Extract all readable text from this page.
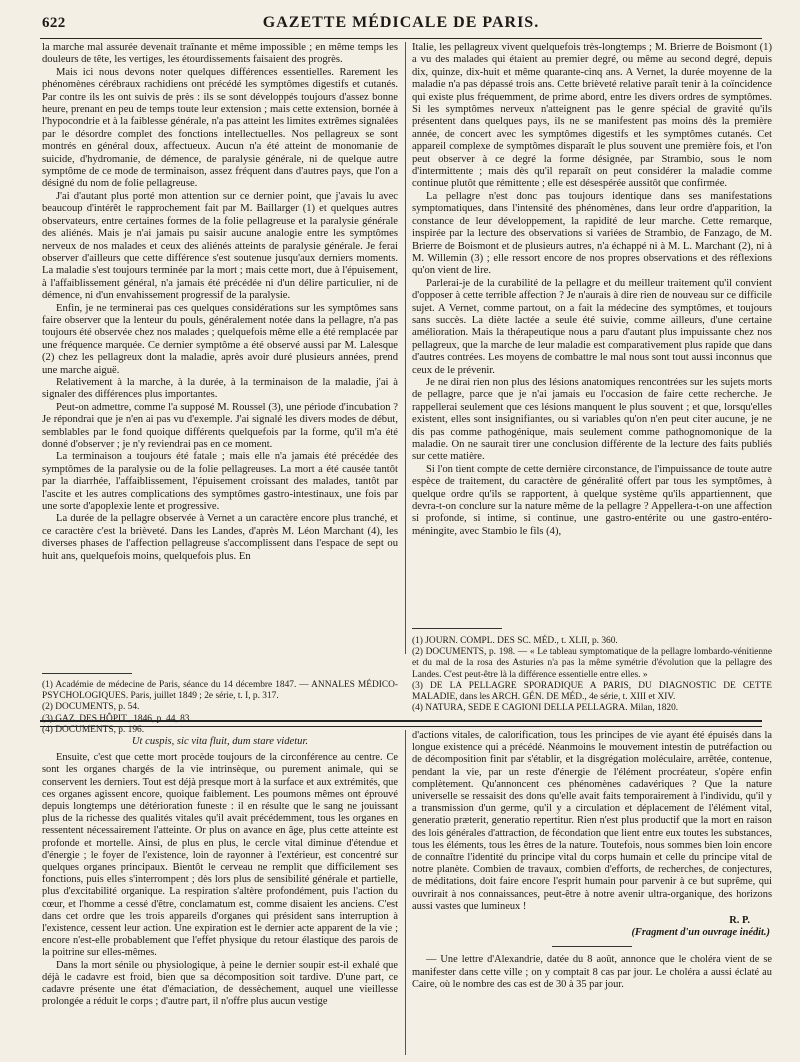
622	GAZETTE MÉDICALE DE PARIS.

la marche mal assurée devenait traînante et même impossible ; en même temps les douleurs de tête, les vertiges, les étourdissements faisaient des progrès.

Mais ici nous devons noter quelques différences essentielles. Rarement les phénomènes cérébraux rachidiens ont précédé les symptômes digestifs et cutanés. Par contre ils les ont suivis de près : ils se sont développés toujours d'assez bonne heure, prenant en peu de temps toute leur extension ; mais cette extension, bornée à l'hypocondrie et à la faiblesse générale, n'a pas atteint les limites extrêmes signalées par le désordre complet des fonctions intellectuelles. Nos pellagreux se sont montrés en général doux, affectueux. Aucun n'a été atteint de monomanie de suicide, d'hydromanie, de démence, de paralysie générale, ni de quelque autre symptôme de ce mode de terminaison, assez fréquent dans d'autres pays, que l'on a désigné du nom de folie pellagreuse.

J'ai d'autant plus porté mon attention sur ce dernier point, que j'avais lu avec beaucoup d'intérêt le rapprochement fait par M. Baillarger (1) et quelques autres observateurs, entre certaines formes de la folie pellagreuse et la paralysie générale des aliénés. Mais je n'ai jamais pu saisir aucune analogie entre les symptômes nerveux de nos malades et ceux des aliénés atteints de paralysie générale. Je ferai observer d'ailleurs que cette différence s'est soutenue jusqu'aux derniers moments. La maladie s'est toujours terminée par la mort ; mais cette mort, due à l'épuisement, à l'affaiblissement général, n'a jamais été précédée ni d'un délire particulier, ni de démence, ni d'un envahissement progressif de la paralysie.

Enfin, je ne terminerai pas ces quelques considérations sur les symptômes sans faire observer que la lenteur du pouls, généralement notée dans la pellagre, n'a pas toujours été observée chez nos malades ; quelquefois même elle a été remplacée par une fréquence marquée. Ce dernier symptôme a été observé aussi par M. Lalesque (2) chez les pellagreux dont la maladie, après avoir duré plusieurs années, prend une marche aiguë.

Relativement à la marche, à la durée, à la terminaison de la maladie, j'ai à signaler des différences plus importantes.

Peut-on admettre, comme l'a supposé M. Roussel (3), une période d'incubation ? Je répondrai que je n'en ai pas vu d'exemple. J'ai signalé les divers modes de début, semblables par le fond quoique différents quelquefois par la forme, qu'il m'a été donné d'observer ; je n'y reviendrai pas en ce moment.

La terminaison a toujours été fatale ; mais elle n'a jamais été précédée des symptômes de la paralysie ou de la folie pellagreuses. La mort a été causée tantôt par la diarrhée, l'affaiblissement, l'épuisement croissant des malades, tantôt par l'ascite et les autres complications des symptômes gastro-intestinaux, une fois par une sorte d'apoplexie lente et progressive.

La durée de la pellagre observée à Vernet a un caractère encore plus tranché, et ce caractère c'est la brièveté. Dans les Landes, d'après M. Léon Marchant (4), les diverses phases de l'affection pellagreuse s'accomplissent dans l'espace de sept ou huit ans, quelquefois moins, quelquefois plus. En

Italie, les pellagreux vivent quelquefois très-longtemps ; M. Brierre de Boismont (1) a vu des malades qui étaient au premier degré, ou même au second degré, depuis dix, quinze, dix-huit et même quarante-cinq ans. A Vernet, la durée moyenne de la maladie n'a pas dépassé trois ans. Cette brièveté relative paraît tenir à la coïncidence qui existe plus fréquemment, de prime abord, entre les divers ordres de symptômes. Si les symptômes nerveux n'atteignent pas le genre spécial de gravité qu'ils présentent dans quelques pays, ils ne se manifestent pas moins dès la première année, de concert avec les symptômes digestifs et les symptômes cutanés. Cet appareil complexe de symptômes disparaît le plus souvent une première fois, et l'on peut observer à ce degré la forme désignée, par Strambio, sous le nom d'intermittente ; mais dès qu'il reparaît on peut considérer la maladie comme continue plutôt que rémittente ; elle est désespérée aussitôt que confirmée.

La pellagre n'est donc pas toujours identique dans ses manifestations symptomatiques, dans l'intensité des phénomènes, dans leur ordre d'apparition, la constance de leur développement, la rapidité de leur marche. Cette remarque, inspirée par la lecture des observations si variées de Strambio, de Fanzago, de M. Brierre de Boismont et de plusieurs autres, n'a échappé ni à M. L. Marchant (2), ni à M. Willemin (3) ; elle ressort encore de nos propres observations et des réflexions qu'on vient de lire.

Parlerai-je de la curabilité de la pellagre et du meilleur traitement qu'il convient d'opposer à cette terrible affection ? Je n'aurais à dire rien de nouveau sur ce difficile sujet. A Vernet, comme partout, on a fait la médecine des symptômes, et toujours sans succès. La diète lactée a seule été suivie, comme ailleurs, d'une certaine amélioration. Mais la thérapeutique nous a paru d'autant plus impuissante chez nos pellagreux, que la marche de leur maladie est comparativement plus rapide que dans d'autres contrées. Les moyens de combattre le mal nous sont tout aussi inconnus que ceux de le prévenir.

Je ne dirai rien non plus des lésions anatomiques rencontrées sur les sujets morts de pellagre, parce que je n'ai jamais eu l'occasion de faire cette recherche. Je rappellerai seulement que ces lésions manquent le plus souvent ; et que, lorsqu'elles existent, elles sont insignifiantes, ou si variables qu'on n'en peut citer aucune, je ne dis pas comme pathogénique, mais seulement comme pathognomonique de la maladie. On ne saurait tirer une conclusion différente de la lecture des faits publiés sur cette matière.

Si l'on tient compte de cette dernière circonstance, de l'impuissance de toute autre espèce de traitement, du caractère de généralité offert par tous les symptômes, à quelque ordre qu'ils se rapportent, à quelque système qu'ils appartiennent, que devra-t-on conclure sur la nature même de la pellagre ? Appellera-t-on une affection si profonde, si intime, si continue, une gastro-entérite ou une gastro-entéro-méningite, avec Stambio le fils (4),

(1) Académie de médecine de Paris, séance du 14 décembre 1847. — ANNALES MÉDICO-PSYCHOLOGIQUES. Paris, juillet 1849 ; 2e série, t. I, p. 317.
(2) DOCUMENTS, p. 54.
(3) GAZ. DES HÔPIT., 1846, p. 44, 83.
(4) DOCUMENTS, p. 196.
(1) JOURN. COMPL. DES SC. MÉD., t. XLII, p. 360.
(2) DOCUMENTS, p. 198. — « Le tableau symptomatique de la pellagre lombardo-vénitienne et du mal de la rosa des Asturies n'a pas la même symétrie d'évolution que la pellagre des Landes. C'est peut-être là la différence essentielle entre elles. »
(3) DE LA PELLAGRE SPORADIQUE A PARIS, DU DIAGNOSTIC DE CETTE MALADIE, dans les ARCH. GÉN. DE MÉD., 4e série, t. XIII et XIV.
(4) NATURA, SEDE E CAGIONI DELLA PELLAGRA. Milan, 1820.

Ut cuspis, sic vita fluit, dum stare videtur.

Ensuite, c'est que cette mort procède toujours de la circonférence au centre. Ce sont les organes chargés de la vie intrinsèque, ou purement animale, qui se conservent les derniers. Tout est déjà presque mort à la surface et aux extrémités, que ces organes agissent encore, quoique faiblement. Les poumons mêmes ont éprouvé depuis longtemps une détérioration funeste : il en résulte que le sang ne jouissant plus de la richesse des qualités vitales qu'il avait précédemment, tous les organes en ressentent nécessairement l'atteinte. Or plus on avance en âge, plus cette atteinte est profonde et mortelle. Ainsi, de plus en plus, le cercle vital diminue d'étendue et d'énergie ; le foyer de l'existence, loin de rayonner à l'extérieur, est concentré sur quelques organes principaux. Bientôt le cerveau ne remplit que difficilement ses fonctions, puis elles s'interrompent ; dès lors plus de sensibilité générale et partielle, plus d'excitabilité organique. La respiration s'altère profondément, puis l'action du cœur, et l'homme a cessé d'être, conclamatum est, comme disaient les anciens. C'est dans cet ordre que les trois appareils d'organes qui président sans interruption à l'existence, cessent leur action. Une expiration est le dernier acte apparent de la vie ; encore n'est-elle probablement que l'effet physique du retour élastique des parois de la poitrine sur elles-mêmes.

Dans la mort sénile ou physiologique, à peine le dernier soupir est-il exhalé que déjà le cadavre est froid, bien que sa décomposition soit tardive. D'une part, ce cadavre présente une état d'émaciation, de dessèchement, auquel une vieillesse prolongée a réduit le corps ; d'autre part, il n'offre plus aucun vestige

d'actions vitales, de calorification, tous les principes de vie ayant été épuisés dans la longue existence qui a précédé. Néanmoins le mouvement intestin de putréfaction ou de décomposition finit par s'établir, et la disgrégation moléculaire, arrêtée, contenue, pendant la vie, par un reste d'énergie de l'élément procréateur, s'opère enfin complètement. Qu'annoncent ces phénomènes cadavériques ? Que la nature universelle se ressaisit des dons qu'elle avait faits temporairement à l'individu, qu'il y a transmission d'un germe, qu'il y a circulation et déplacement de l'élément vital, generatio præterit, generatio repertitur. Rien n'est plus productif que la mort en raison des lois générales d'attraction, de fécondation que lient entre eux toutes les substances, tous les éléments, tous les êtres de la nature. Toutefois, nous sommes bien loin encore de connaître l'identité du principe vital du corps humain et celle du principe vital de notre planète. Combien de travaux, combien d'efforts, de recherches, de conjectures, de méditations, doit faire encore l'esprit humain pour parvenir à ce but suprême, qui ouvrirait à nos connaissances, peut-être à notre avenir ultra-organique, des horizons aussi vastes que lumineux !

R. P.

(Fragment d'un ouvrage inédit.)

— Une lettre d'Alexandrie, datée du 8 août, annonce que le choléra vient de se manifester dans cette ville ; on y comptait 8 cas par jour. Le choléra a aussi éclaté au Caire, où le nombre des cas est de 30 à 35 par jour.
